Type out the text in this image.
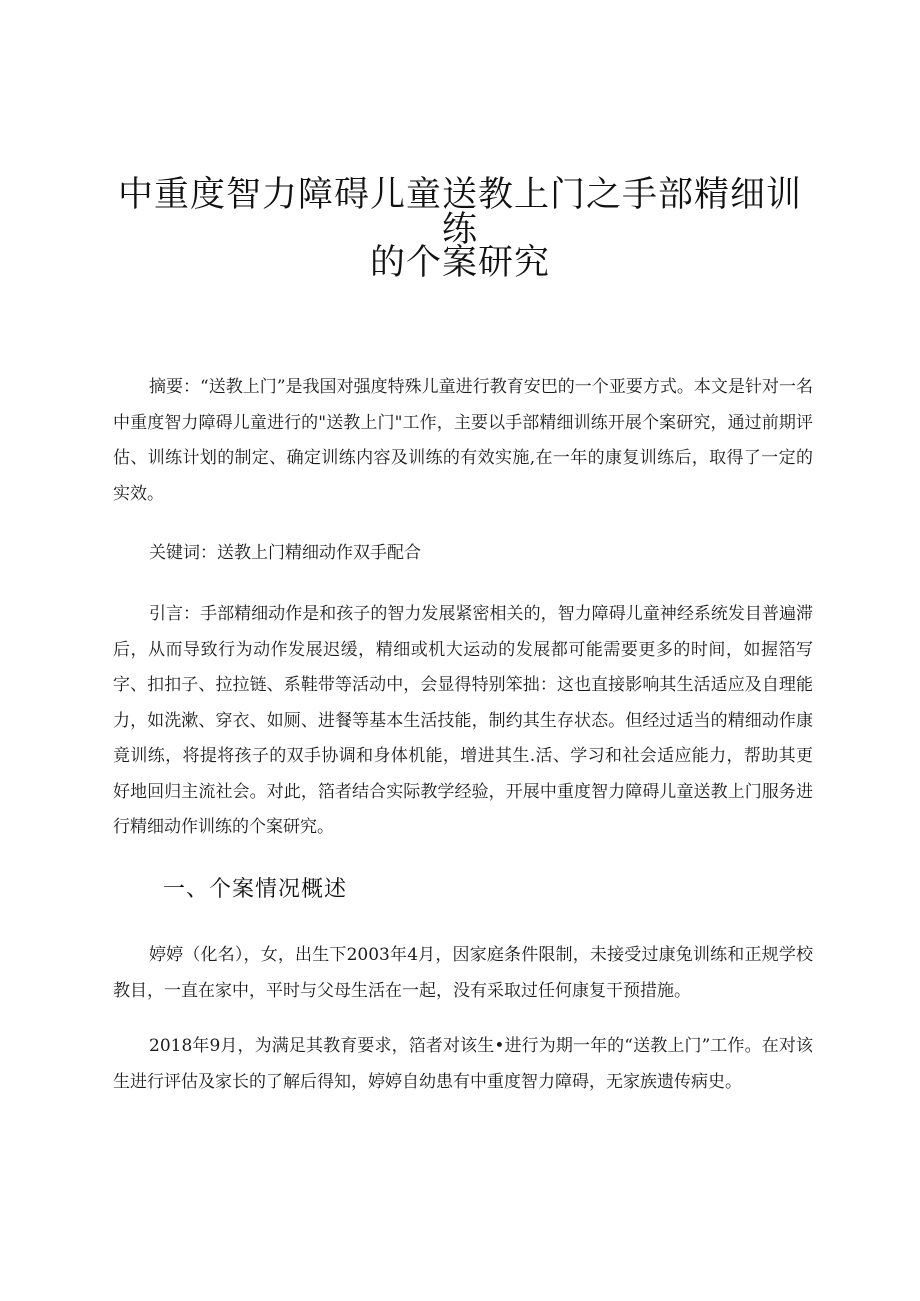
中重度智力障碍儿童送教上门之手部精细训练
的个案研究

摘要：“送教上门”是我国对强度特殊儿童进行教育安巴的一个亚要方式。本文是针对一名中重度智力障碍儿童进行的"送教上门"工作，主要以手部精细训练开展个案研究，通过前期评估、训练计划的制定、确定训练内容及训练的有效实施,在一年的康复训练后，取得了一定的实效。

关键词：送教上门精细动作双手配合

引言：手部精细动作是和孩子的智力发展紧密相关的，智力障碍儿童神经系统发目普遍滞后，从而导致行为动作发展迟缓，精细或机大运动的发展都可能需要更多的时间，如握箔写字、扣扣子、拉拉链、系鞋带等活动中，会显得特别笨拙：这也直接影响其生活适应及自理能力，如洗漱、穿衣、如厕、进餐等基本生活技能，制约其生存状态。但经过适当的精细动作康竟训练，将提将孩子的双手协调和身体机能，增进其生.活、学习和社会适应能力，帮助其更好地回归主流社会。对此，箔者结合实际教学经验，开展中重度智力障碍儿童送教上门服务进行精细动作训练的个案研究。

一、个案情况概述

婷婷（化名），女，出生下2003年4月，因家庭条件限制，未接受过康兔训练和正规学校教目，一直在家中，平时与父母生活在一起，没有采取过任何康复干预措施。

2018年9月，为满足其教育要求，箔者对该生•进行为期一年的“送教上门”工作。在对该生进行评估及家长的了解后得知，婷婷自幼患有中重度智力障碍，无家族遗传病史。
